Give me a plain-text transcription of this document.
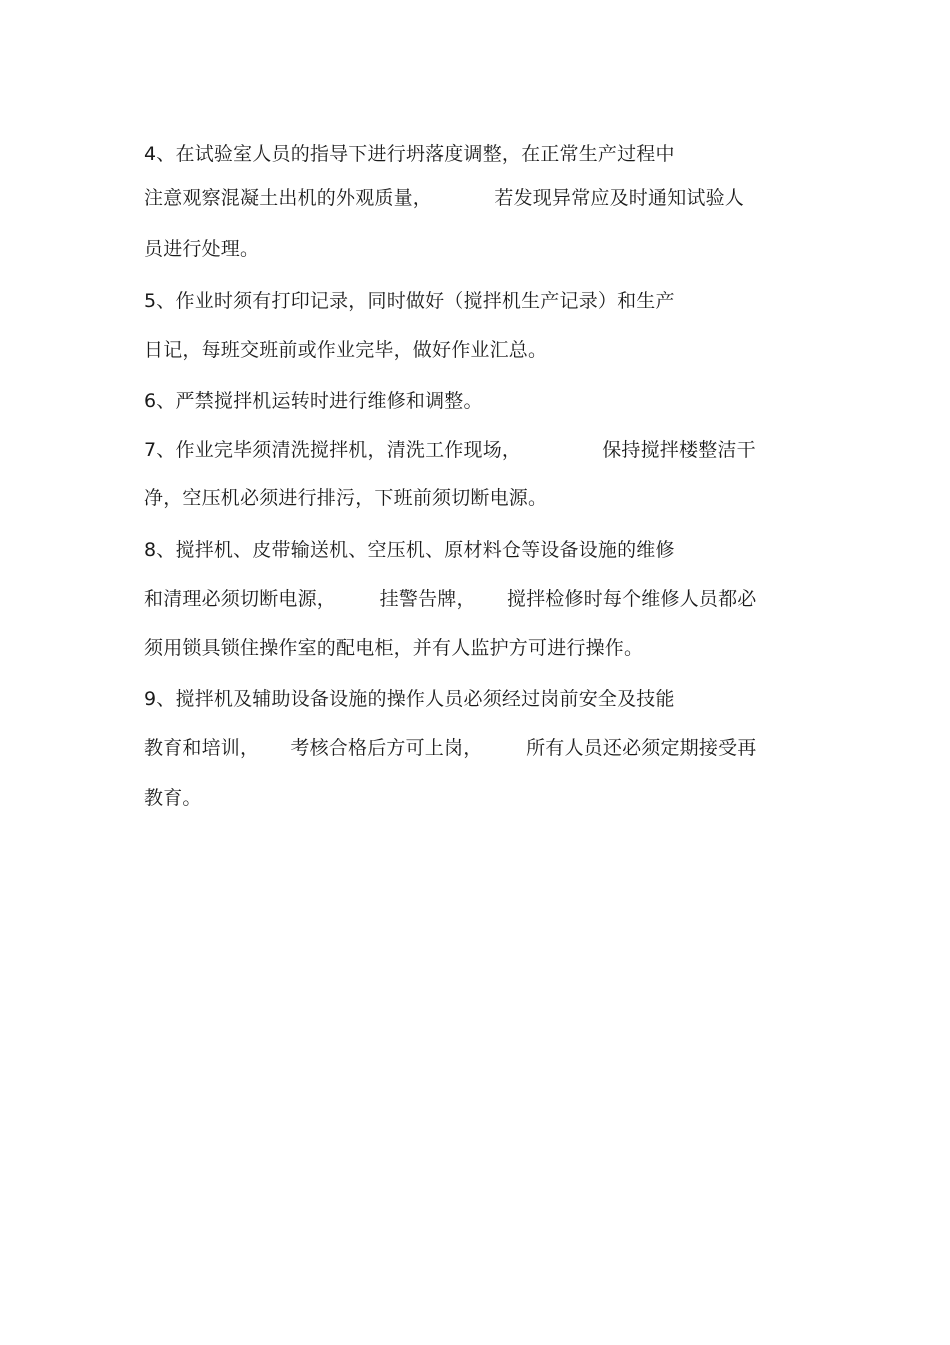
4、在试验室人员的指导下进行坍落度调整，在正常生产过程中
注意观察混凝土出机的外观质量，          若发现异常应及时通知试验人
员进行处理。
5、作业时须有打印记录，同时做好（搅拌机生产记录）和生产
日记，每班交班前或作业完毕，做好作业汇总。
6、严禁搅拌机运转时进行维修和调整。
7、作业完毕须清洗搅拌机，清洗工作现场，             保持搅拌楼整洁干
净，空压机必须进行排污，下班前须切断电源。
8、搅拌机、皮带输送机、空压机、原材料仓等设备设施的维修
和清理必须切断电源，       挂警告牌，     搅拌检修时每个维修人员都必
须用锁具锁住操作室的配电柜，并有人监护方可进行操作。
9、搅拌机及辅助设备设施的操作人员必须经过岗前安全及技能
教育和培训，     考核合格后方可上岗，       所有人员还必须定期接受再
教育。
